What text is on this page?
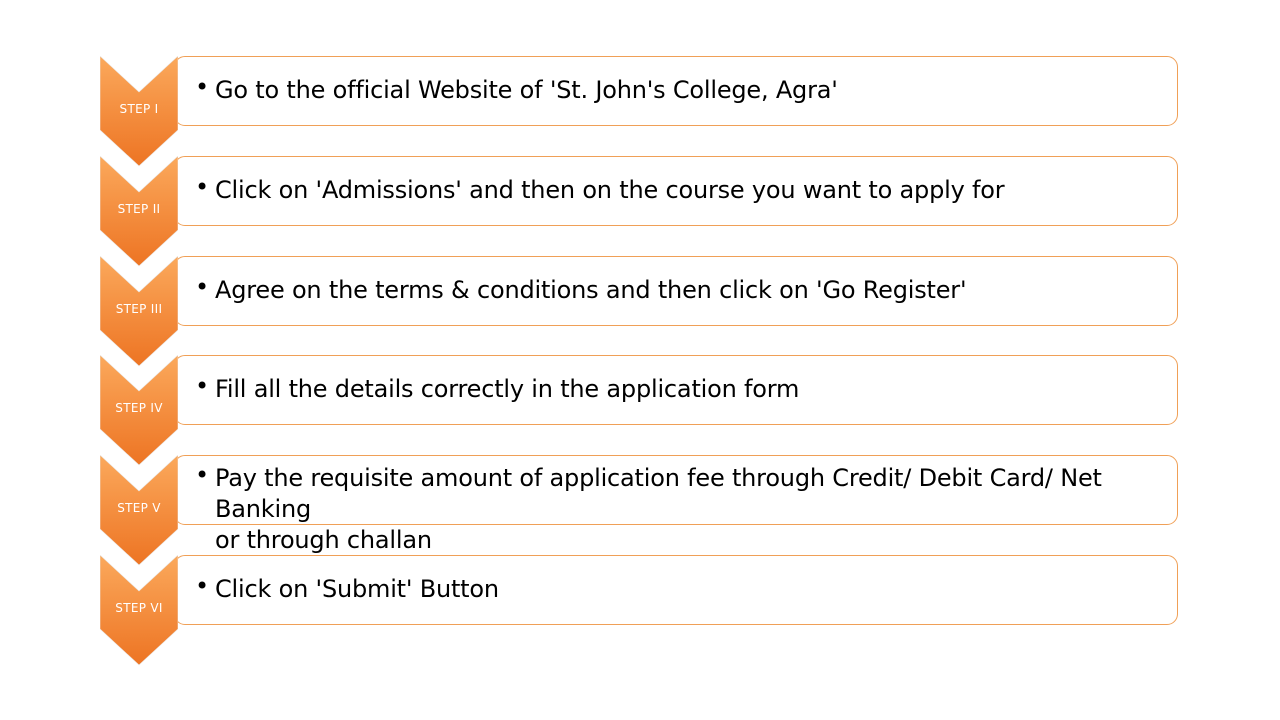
• Go to the official Website of 'St. John's College, Agra'
STEP I
• Click on 'Admissions' and then on the course you want to apply for
STEP II
• Agree on the terms & conditions and then click on 'Go Register'
STEP III
• Fill all the details correctly in the application form
STEP IV
• Pay the requisite amount of application fee through Credit/ Debit Card/ Net Banking
or through challan
STEP V
• Click on 'Submit' Button
STEP VI
